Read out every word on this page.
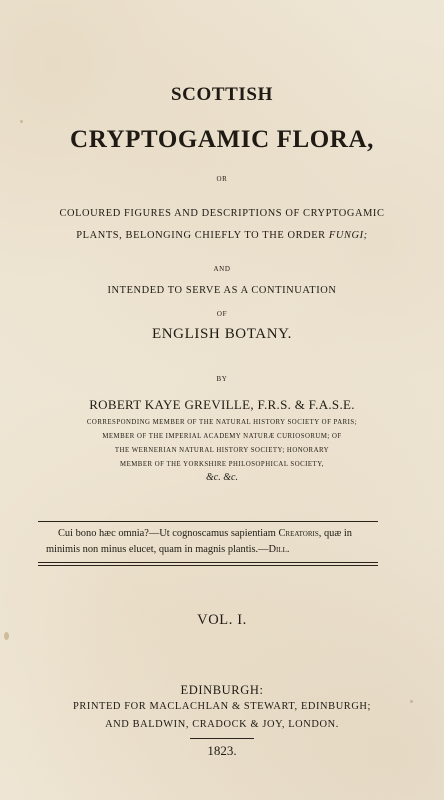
SCOTTISH
CRYPTOGAMIC FLORA,
OR
COLOURED FIGURES AND DESCRIPTIONS OF CRYPTOGAMIC
PLANTS, BELONGING CHIEFLY TO THE ORDER FUNGI;
AND
INTENDED TO SERVE AS A CONTINUATION
OF
ENGLISH BOTANY.
BY
ROBERT KAYE GREVILLE, F.R.S. & F.A.S.E.
CORRESPONDING MEMBER OF THE NATURAL HISTORY SOCIETY OF PARIS;
MEMBER OF THE IMPERIAL ACADEMY NATURÆ CURIOSORUM; OF
THE WERNERIAN NATURAL HISTORY SOCIETY; HONORARY
MEMBER OF THE YORKSHIRE PHILOSOPHICAL SOCIETY,
&c. &c.
Cui bono hæc omnia?—Ut cognoscamus sapientiam Creatoris, quæ in
minimis non minus elucet, quam in magnis plantis.—Dill.
VOL. I.
EDINBURGH:
PRINTED FOR MACLACHLAN & STEWART, EDINBURGH;
AND BALDWIN, CRADOCK & JOY, LONDON.
1823.
